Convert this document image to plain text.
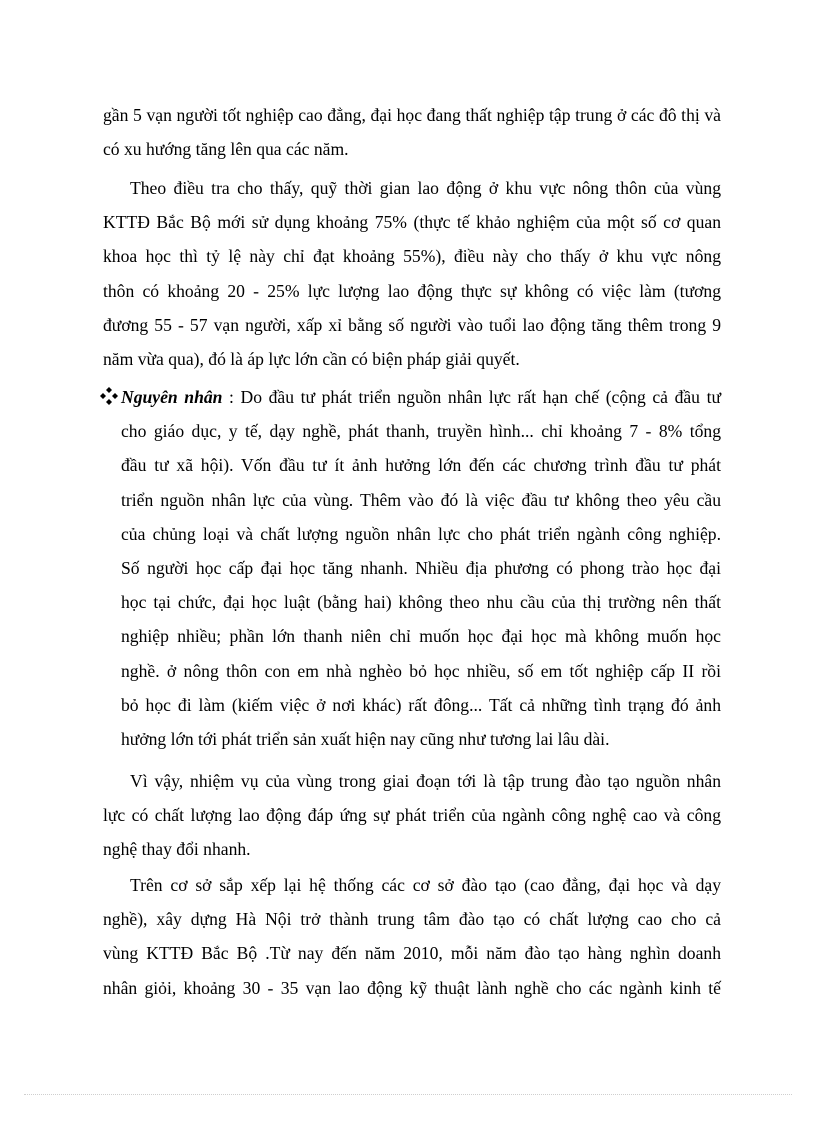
gần 5 vạn người tốt nghiệp cao đẳng, đại học đang thất nghiệp tập trung ở các đô thị và
có xu hướng tăng lên qua các năm.
Theo điều tra cho thấy, quỹ thời gian lao động ở khu vực nông thôn của vùng
KTTĐ Bắc Bộ mới sử dụng khoảng 75% (thực tế khảo nghiệm của một số cơ quan
khoa học thì tỷ lệ này chỉ đạt khoảng 55%), điều này cho thấy ở khu vực nông
thôn có khoảng 20 - 25% lực lượng lao động thực sự không có việc làm (tương
đương 55 - 57 vạn người, xấp xỉ bằng số người vào tuổi lao động tăng thêm trong 9
năm vừa qua), đó là áp lực lớn cần có biện pháp giải quyết.
Nguyên nhân : Do đầu tư phát triển nguồn nhân lực rất hạn chế (cộng cả đầu tư
cho giáo dục, y tế, dạy nghề, phát thanh, truyền hình... chỉ khoảng 7 - 8% tổng
đầu tư xã hội). Vốn đầu tư ít ảnh hưởng lớn đến các chương trình đầu tư phát
triển nguồn nhân lực của vùng. Thêm vào đó là việc đầu tư không theo yêu cầu
của chủng loại và chất lượng nguồn nhân lực cho phát triển ngành công nghiệp.
Số người học cấp đại học tăng nhanh. Nhiều địa phương có phong trào học đại
học tại chức, đại học luật (bằng hai) không theo nhu cầu của thị trường nên thất
nghiệp nhiều; phần lớn thanh niên chỉ muốn học đại học mà không muốn học
nghề. ở nông thôn con em nhà nghèo bỏ học nhiều, số em tốt nghiệp cấp II rồi
bỏ học đi làm (kiếm việc ở nơi khác) rất đông... Tất cả những tình trạng đó ảnh
hưởng lớn tới phát triển sản xuất hiện nay cũng như tương lai lâu dài.
Vì vậy, nhiệm vụ của vùng trong giai đoạn tới là tập trung đào tạo nguồn nhân
lực có chất lượng lao động đáp ứng sự phát triển của ngành công nghệ cao và công
nghệ thay đổi nhanh.
Trên cơ sở sắp xếp lại hệ thống các cơ sở đào tạo (cao đẳng, đại học và dạy
nghề), xây dựng Hà Nội trở thành trung tâm đào tạo có chất lượng cao cho cả
vùng KTTĐ Bắc Bộ .Từ nay đến năm 2010, mỗi năm đào tạo hàng nghìn doanh
nhân giỏi, khoảng 30 - 35 vạn lao động kỹ thuật lành nghề cho các ngành kinh tế
